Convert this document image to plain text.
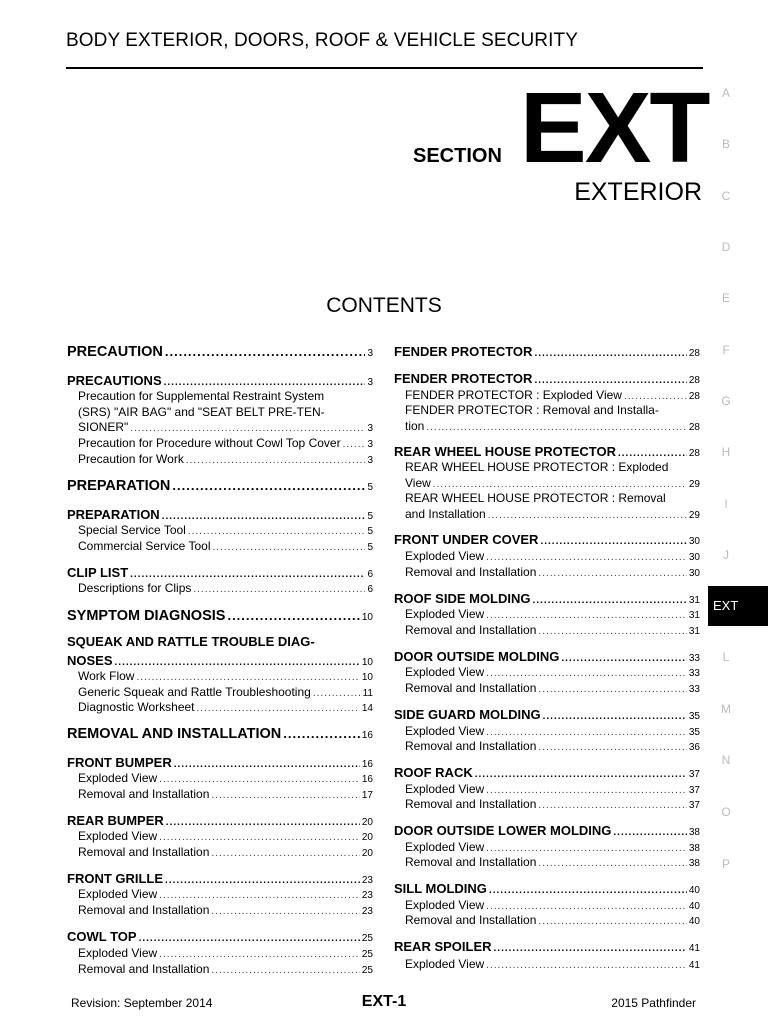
BODY EXTERIOR, DOORS, ROOF & VEHICLE SECURITY
SECTION EXT
EXTERIOR
CONTENTS
PRECAUTION .....	3
PRECAUTIONS .....	3
Precaution for Supplemental Restraint System
(SRS) "AIR BAG" and "SEAT BELT PRE-TEN-
SIONER" .....	3
Precaution for Procedure without Cowl Top Cover .....	3
Precaution for Work .....	3
PREPARATION .....	5
PREPARATION .....	5
Special Service Tool .....	5
Commercial Service Tool .....	5
CLIP LIST .....	6
Descriptions for Clips .....	6
SYMPTOM DIAGNOSIS .....	10
SQUEAK AND RATTLE TROUBLE DIAG-
NOSES .....	10
Work Flow .....	10
Generic Squeak and Rattle Troubleshooting .....	11
Diagnostic Worksheet .....	14
REMOVAL AND INSTALLATION .....	16
FRONT BUMPER .....	16
Exploded View .....	16
Removal and Installation .....	17
REAR BUMPER .....	20
Exploded View .....	20
Removal and Installation .....	20
FRONT GRILLE .....	23
Exploded View .....	23
Removal and Installation .....	23
COWL TOP .....	25
Exploded View .....	25
Removal and Installation .....	25
FENDER PROTECTOR .....	28
FENDER PROTECTOR .....	28
FENDER PROTECTOR : Exploded View .....	28
FENDER PROTECTOR : Removal and Installa-
tion .....	28
REAR WHEEL HOUSE PROTECTOR .....	28
REAR WHEEL HOUSE PROTECTOR : Exploded
View .....	29
REAR WHEEL HOUSE PROTECTOR : Removal
and Installation .....	29
FRONT UNDER COVER .....	30
Exploded View .....	30
Removal and Installation .....	30
ROOF SIDE MOLDING .....	31
Exploded View .....	31
Removal and Installation .....	31
DOOR OUTSIDE MOLDING .....	33
Exploded View .....	33
Removal and Installation .....	33
SIDE GUARD MOLDING .....	35
Exploded View .....	35
Removal and Installation .....	36
ROOF RACK .....	37
Exploded View .....	37
Removal and Installation .....	37
DOOR OUTSIDE LOWER MOLDING .....	38
Exploded View .....	38
Removal and Installation .....	38
SILL MOLDING .....	40
Exploded View .....	40
Removal and Installation .....	40
REAR SPOILER .....	41
Exploded View .....	41
A
B
C
D
E
F
G
H
I
J
EXT
L
M
N
O
P
Revision: September 2014	EXT-1	2015 Pathfinder
